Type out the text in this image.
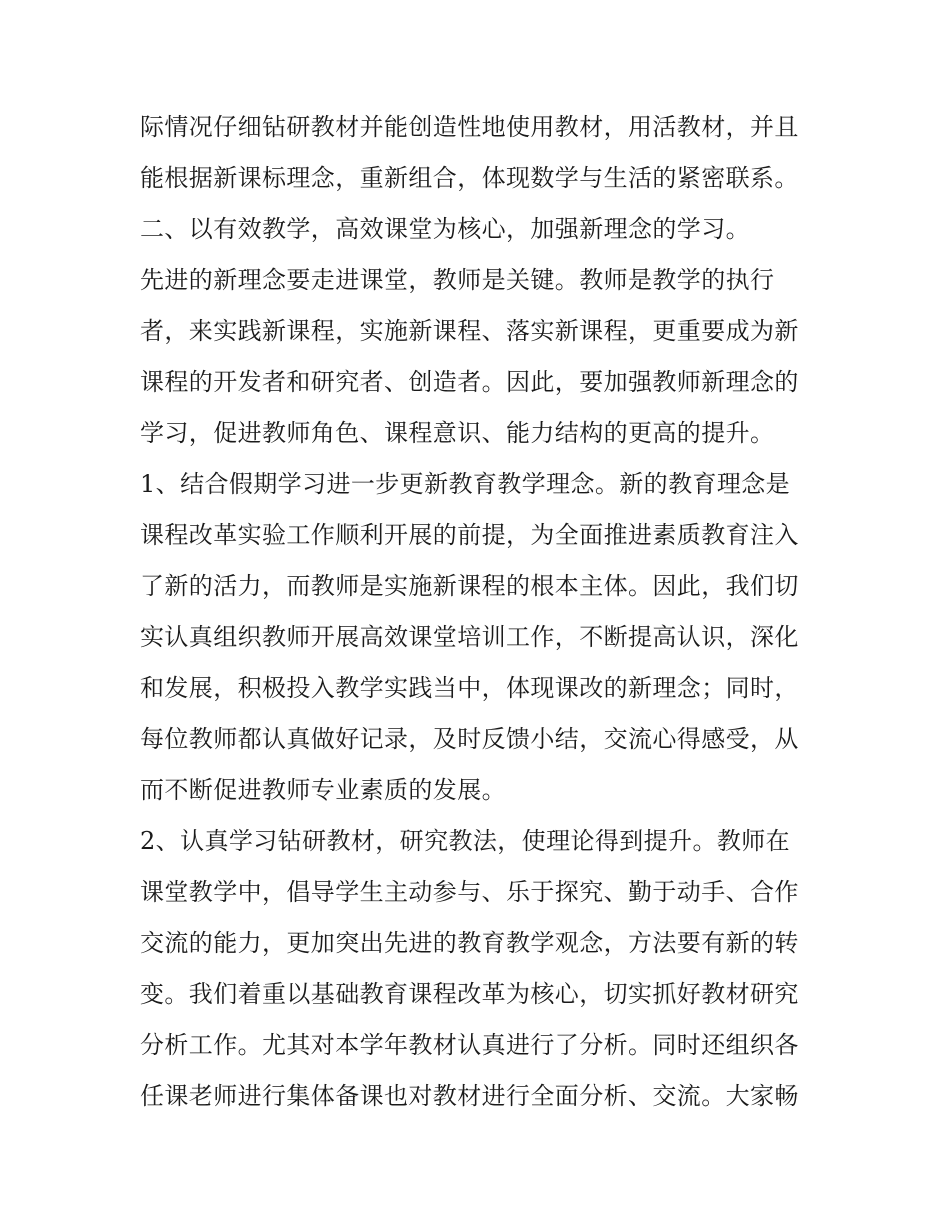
际情况仔细钻研教材并能创造性地使用教材，用活教材，并且
能根据新课标理念，重新组合，体现数学与生活的紧密联系。
二、以有效教学，高效课堂为核心，加强新理念的学习。
先进的新理念要走进课堂，教师是关键。教师是教学的执行
者，来实践新课程，实施新课程、落实新课程，更重要成为新
课程的开发者和研究者、创造者。因此，要加强教师新理念的
学习，促进教师角色、课程意识、能力结构的更高的提升。
1、结合假期学习进一步更新教育教学理念。新的教育理念是
课程改革实验工作顺利开展的前提，为全面推进素质教育注入
了新的活力，而教师是实施新课程的根本主体。因此，我们切
实认真组织教师开展高效课堂培训工作，不断提高认识，深化
和发展，积极投入教学实践当中，体现课改的新理念；同时，
每位教师都认真做好记录，及时反馈小结，交流心得感受，从
而不断促进教师专业素质的发展。
2、认真学习钻研教材，研究教法，使理论得到提升。教师在
课堂教学中，倡导学生主动参与、乐于探究、勤于动手、合作
交流的能力，更加突出先进的教育教学观念，方法要有新的转
变。我们着重以基础教育课程改革为核心，切实抓好教材研究
分析工作。尤其对本学年教材认真进行了分析。同时还组织各
任课老师进行集体备课也对教材进行全面分析、交流。大家畅
